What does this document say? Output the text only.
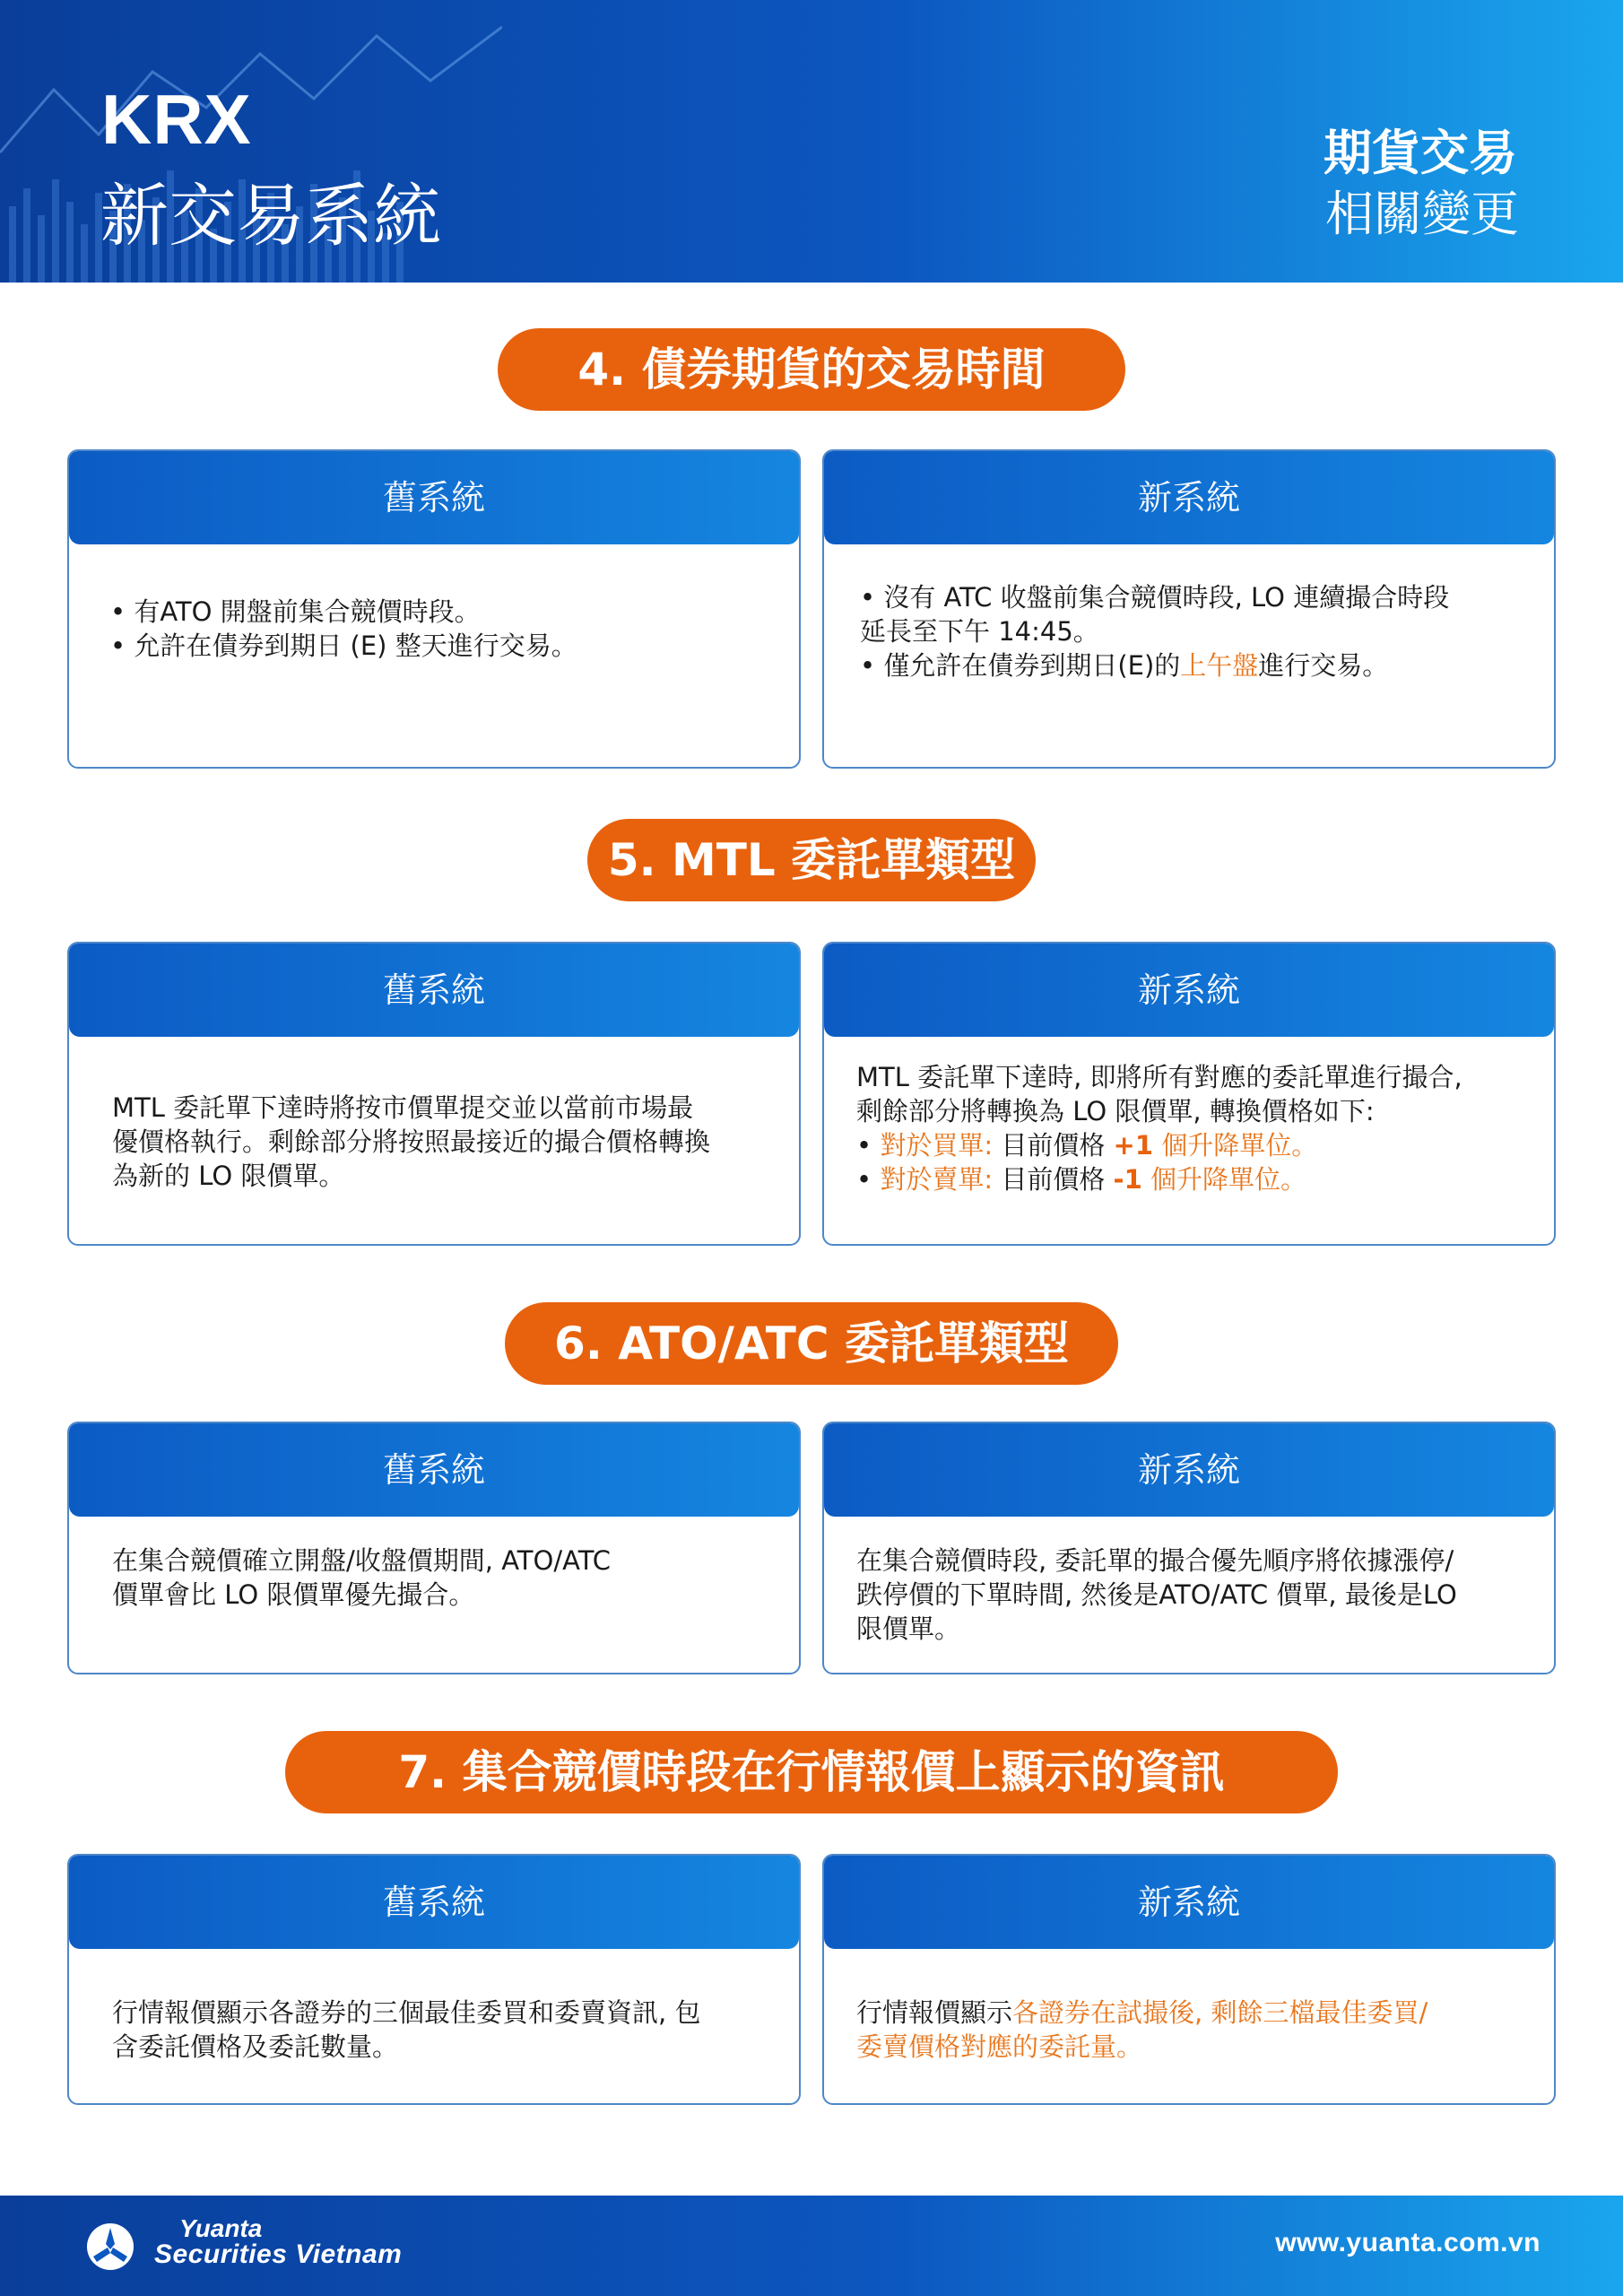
KRX
新交易系統
期貨交易
相關變更
4. 債券期貨的交易時間
舊系統

• 有ATO 開盤前集合競價時段。

• 允許在債券到期日 (E) 整天進行交易。

新系統

• 沒有 ATC 收盤前集合競價時段, LO 連續撮合時段

延長至下午 14:45。

• 僅允許在債券到期日(E)的上午盤進行交易。

5. MTL 委託單類型
舊系統

MTL 委託單下達時將按市價單提交並以當前市場最

優價格執行。剩餘部分將按照最接近的撮合價格轉換

為新的 LO 限價單。

新系統

MTL 委託單下達時, 即將所有對應的委託單進行撮合,

剩餘部分將轉換為 LO 限價單, 轉換價格如下:

• 對於買單: 目前價格 +1 個升降單位。

• 對於賣單: 目前價格 -1 個升降單位。

6. ATO/ATC 委託單類型
舊系統

在集合競價確立開盤/收盤價期間, ATO/ATC

價單會比 LO 限價單優先撮合。

新系統

在集合競價時段, 委託單的撮合優先順序將依據漲停/

跌停價的下單時間, 然後是ATO/ATC 價單, 最後是LO

限價單。

7. 集合競價時段在行情報價上顯示的資訊
舊系統

行情報價顯示各證券的三個最佳委買和委賣資訊, 包

含委託價格及委託數量。

新系統

行情報價顯示各證券在試撮後, 剩餘三檔最佳委買/

委賣價格對應的委託量。

Yuanta
Securities Vietnam	www.yuanta.com.vn
